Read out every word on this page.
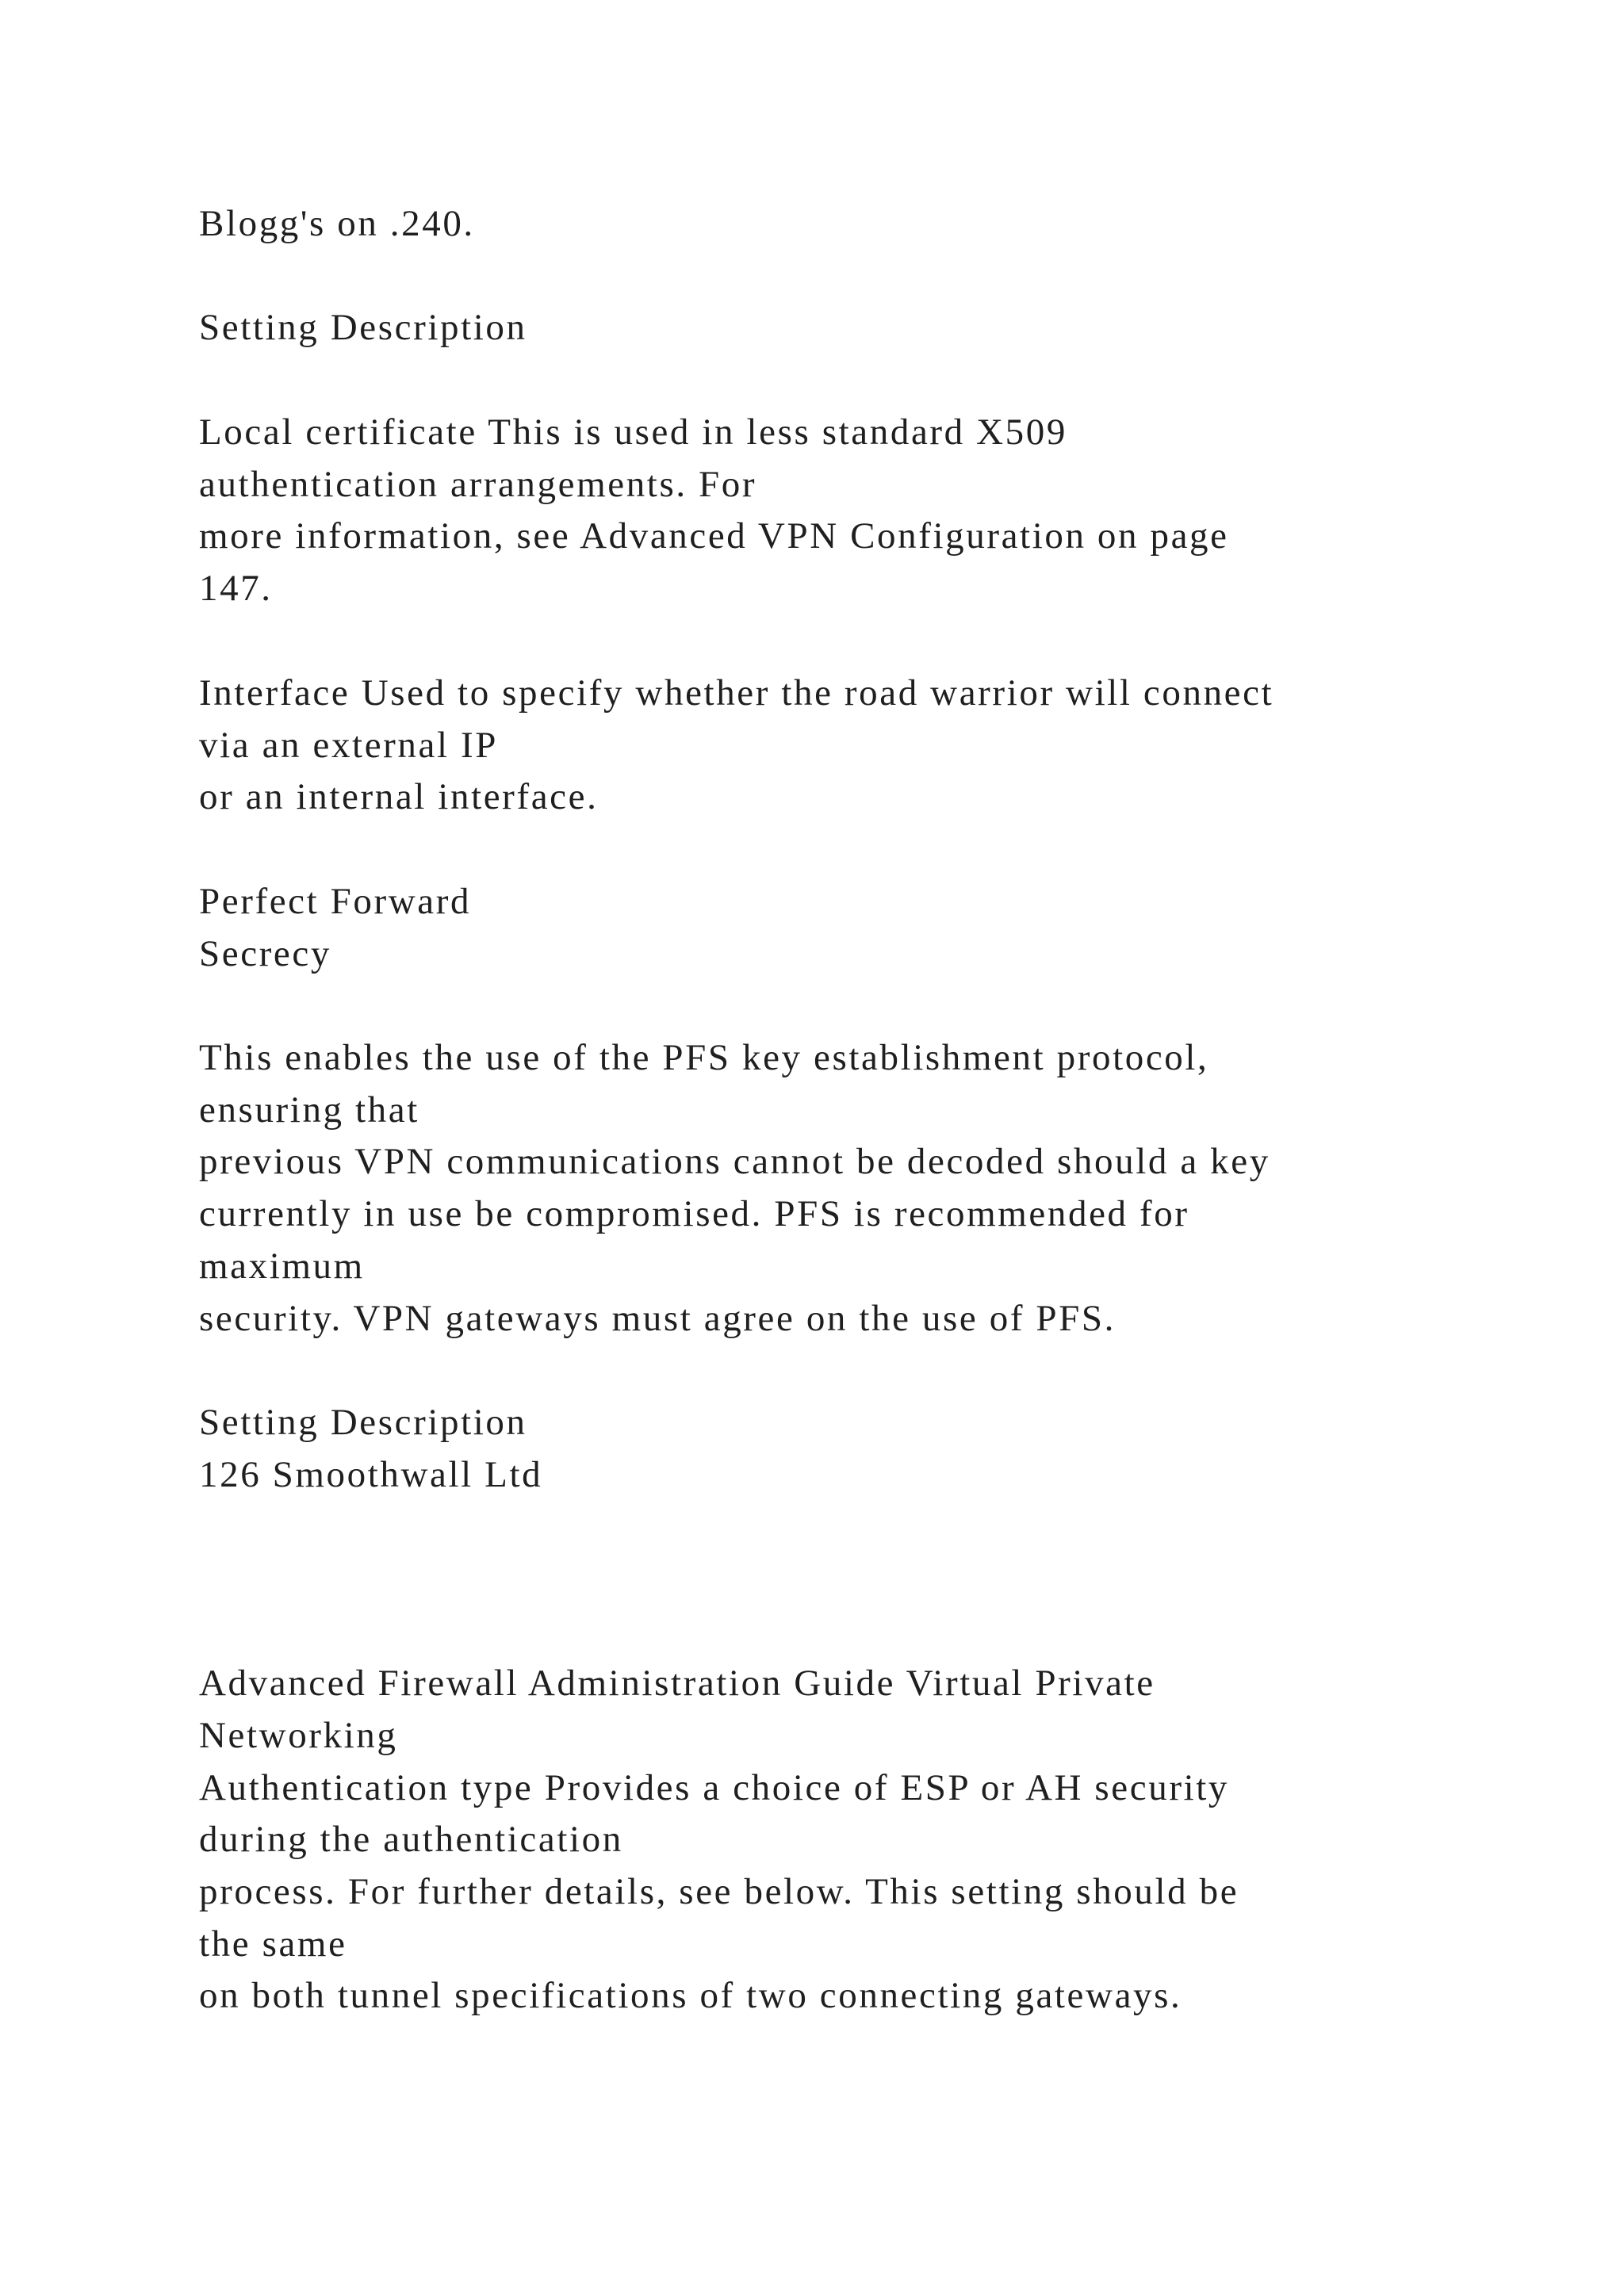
Blogg's on .240.

Setting Description

Local certificate This is used in less standard X509

authentication arrangements. For

more information, see Advanced VPN Configuration on page

147.

Interface Used to specify whether the road warrior will connect

via an external IP

or an internal interface.

Perfect Forward

Secrecy

This enables the use of the PFS key establishment protocol,

ensuring that

previous VPN communications cannot be decoded should a key

currently in use be compromised. PFS is recommended for

maximum

security. VPN gateways must agree on the use of PFS.

Setting Description

126 Smoothwall Ltd

Advanced Firewall Administration Guide Virtual Private

Networking

Authentication type Provides a choice of ESP or AH security

during the authentication

process. For further details, see below. This setting should be

the same

on both tunnel specifications of two connecting gateways.
